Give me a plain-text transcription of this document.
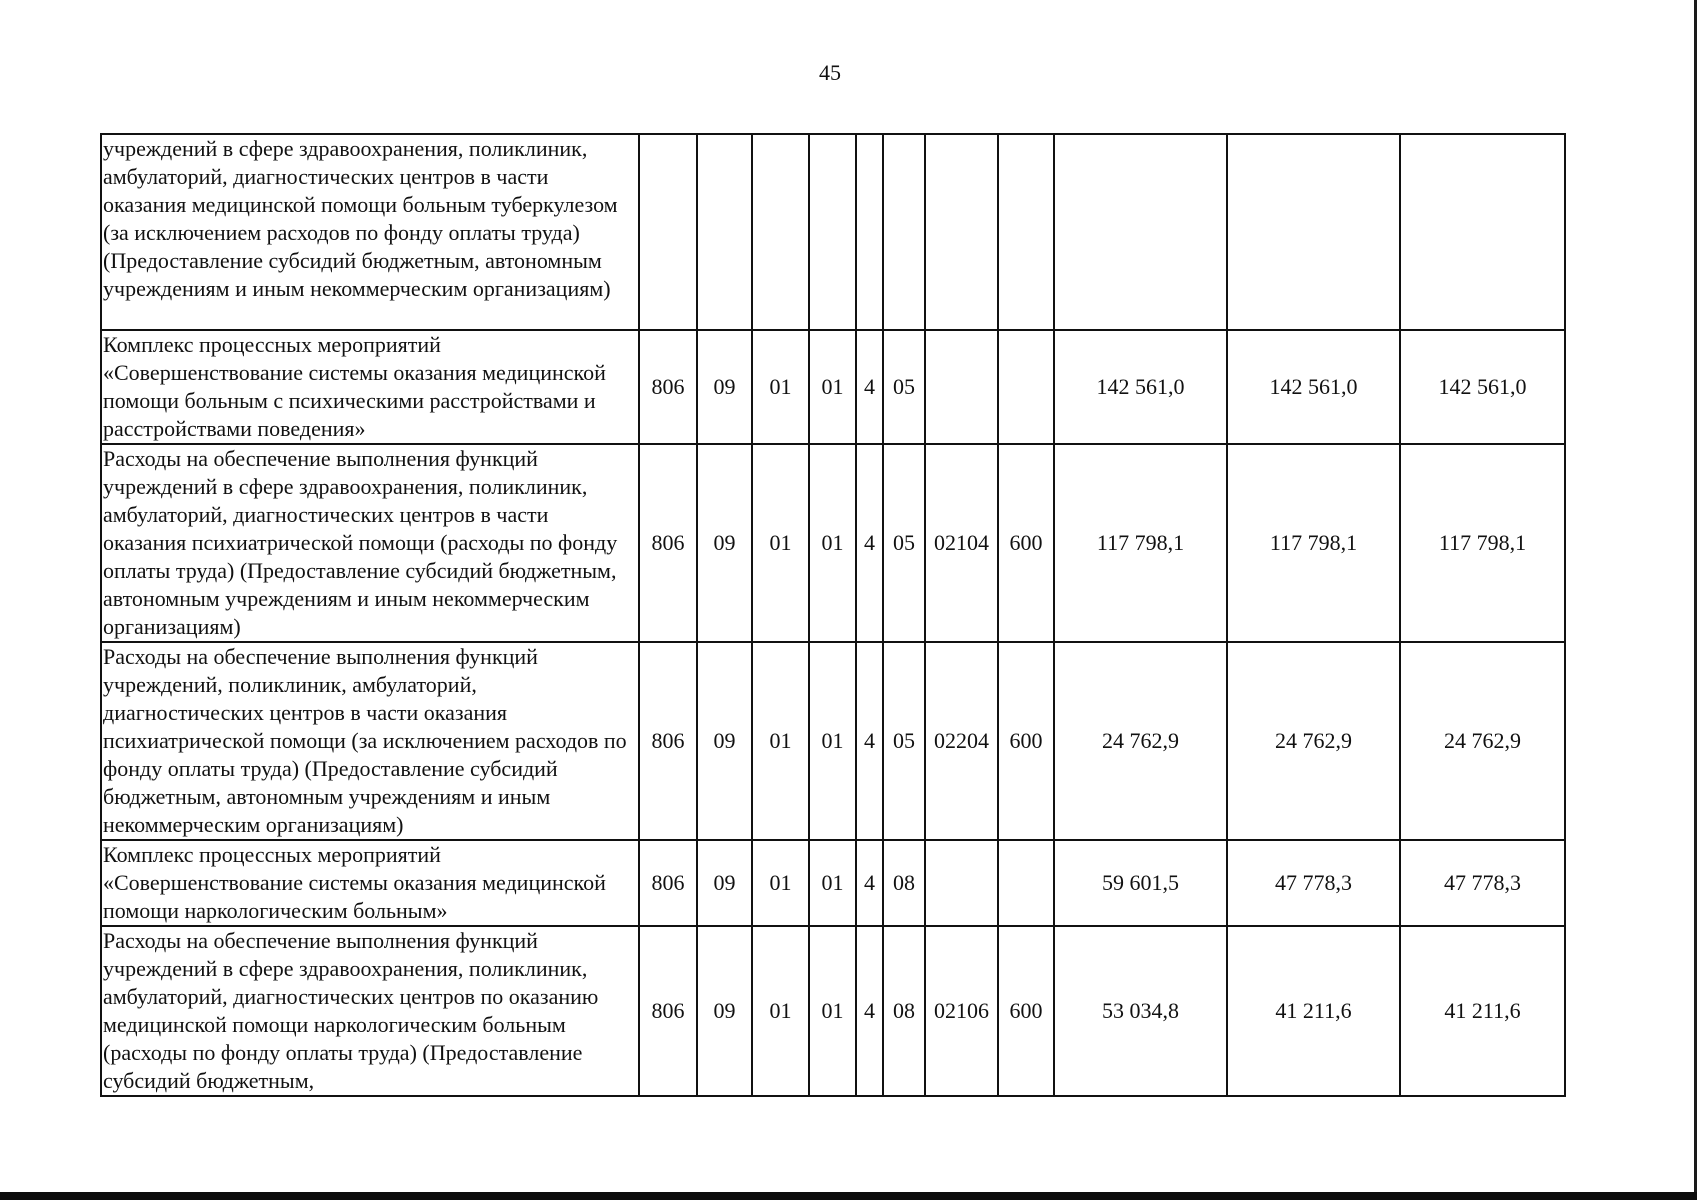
45
учреждений в сфере здравоохранения, поликлиник, амбулаторий, диагностических центров в части оказания медицинской помощи больным туберкулезом (за исключением расходов по фонду оплаты труда) (Предоставление субсидий бюджетным, автономным учреждениям и иным некоммерческим организациям)											
Комплекс процессных мероприятий «Совершенствование системы оказания медицинской помощи больным с психическими расстройствами и расстройствами поведения»	806	09	01	01	4	05			142 561,0	142 561,0	142 561,0
Расходы на обеспечение выполнения функций учреждений в сфере здравоохранения, поликлиник, амбулаторий, диагностических центров в части оказания психиатрической помощи (расходы по фонду оплаты труда) (Предоставление субсидий бюджетным, автономным учреждениям и иным некоммерческим организациям)	806	09	01	01	4	05	02104	600	117 798,1	117 798,1	117 798,1
Расходы на обеспечение выполнения функций учреждений, поликлиник, амбулаторий, диагностических центров в части оказания психиатрической помощи (за исключением расходов по фонду оплаты труда) (Предоставление субсидий бюджетным, автономным учреждениям и иным некоммерческим организациям)	806	09	01	01	4	05	02204	600	24 762,9	24 762,9	24 762,9
Комплекс процессных мероприятий «Совершенствование системы оказания медицинской помощи наркологическим больным»	806	09	01	01	4	08			59 601,5	47 778,3	47 778,3
Расходы на обеспечение выполнения функций учреждений в сфере здравоохранения, поликлиник, амбулаторий, диагностических центров по оказанию медицинской помощи наркологическим больным (расходы по фонду оплаты труда) (Предоставление субсидий бюджетным,	806	09	01	01	4	08	02106	600	53 034,8	41 211,6	41 211,6
